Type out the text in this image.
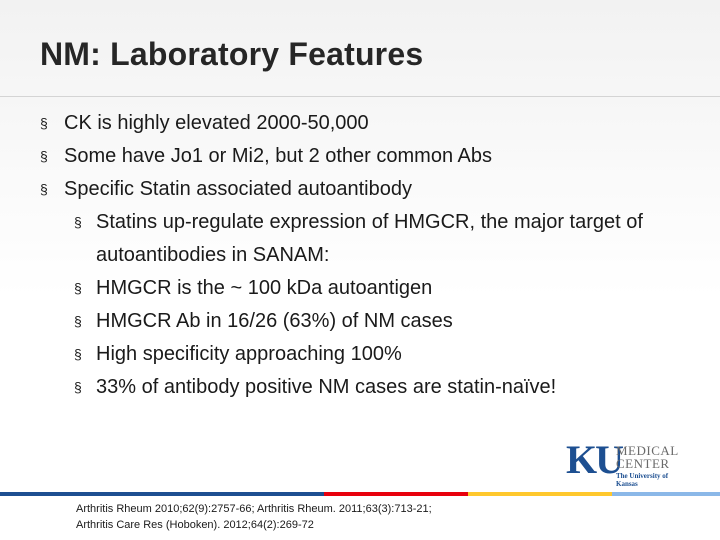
NM: Laboratory Features
§ CK is highly elevated 2000-50,000
§ Some have Jo1 or Mi2, but 2 other common Abs
§ Specific Statin associated autoantibody
§ Statins up-regulate expression of HMGCR, the major target of autoantibodies in SANAM:
§ HMGCR is the ~ 100 kDa autoantigen
§ HMGCR Ab in 16/26 (63%) of NM cases
§ High specificity approaching 100%
§ 33% of antibody positive NM cases are statin-naïve!
KU
MEDICAL
CENTER
The University of Kansas
Arthritis Rheum 2010;62(9):2757-66; Arthritis Rheum. 2011;63(3):713-21;
Arthritis Care Res (Hoboken). 2012;64(2):269-72
